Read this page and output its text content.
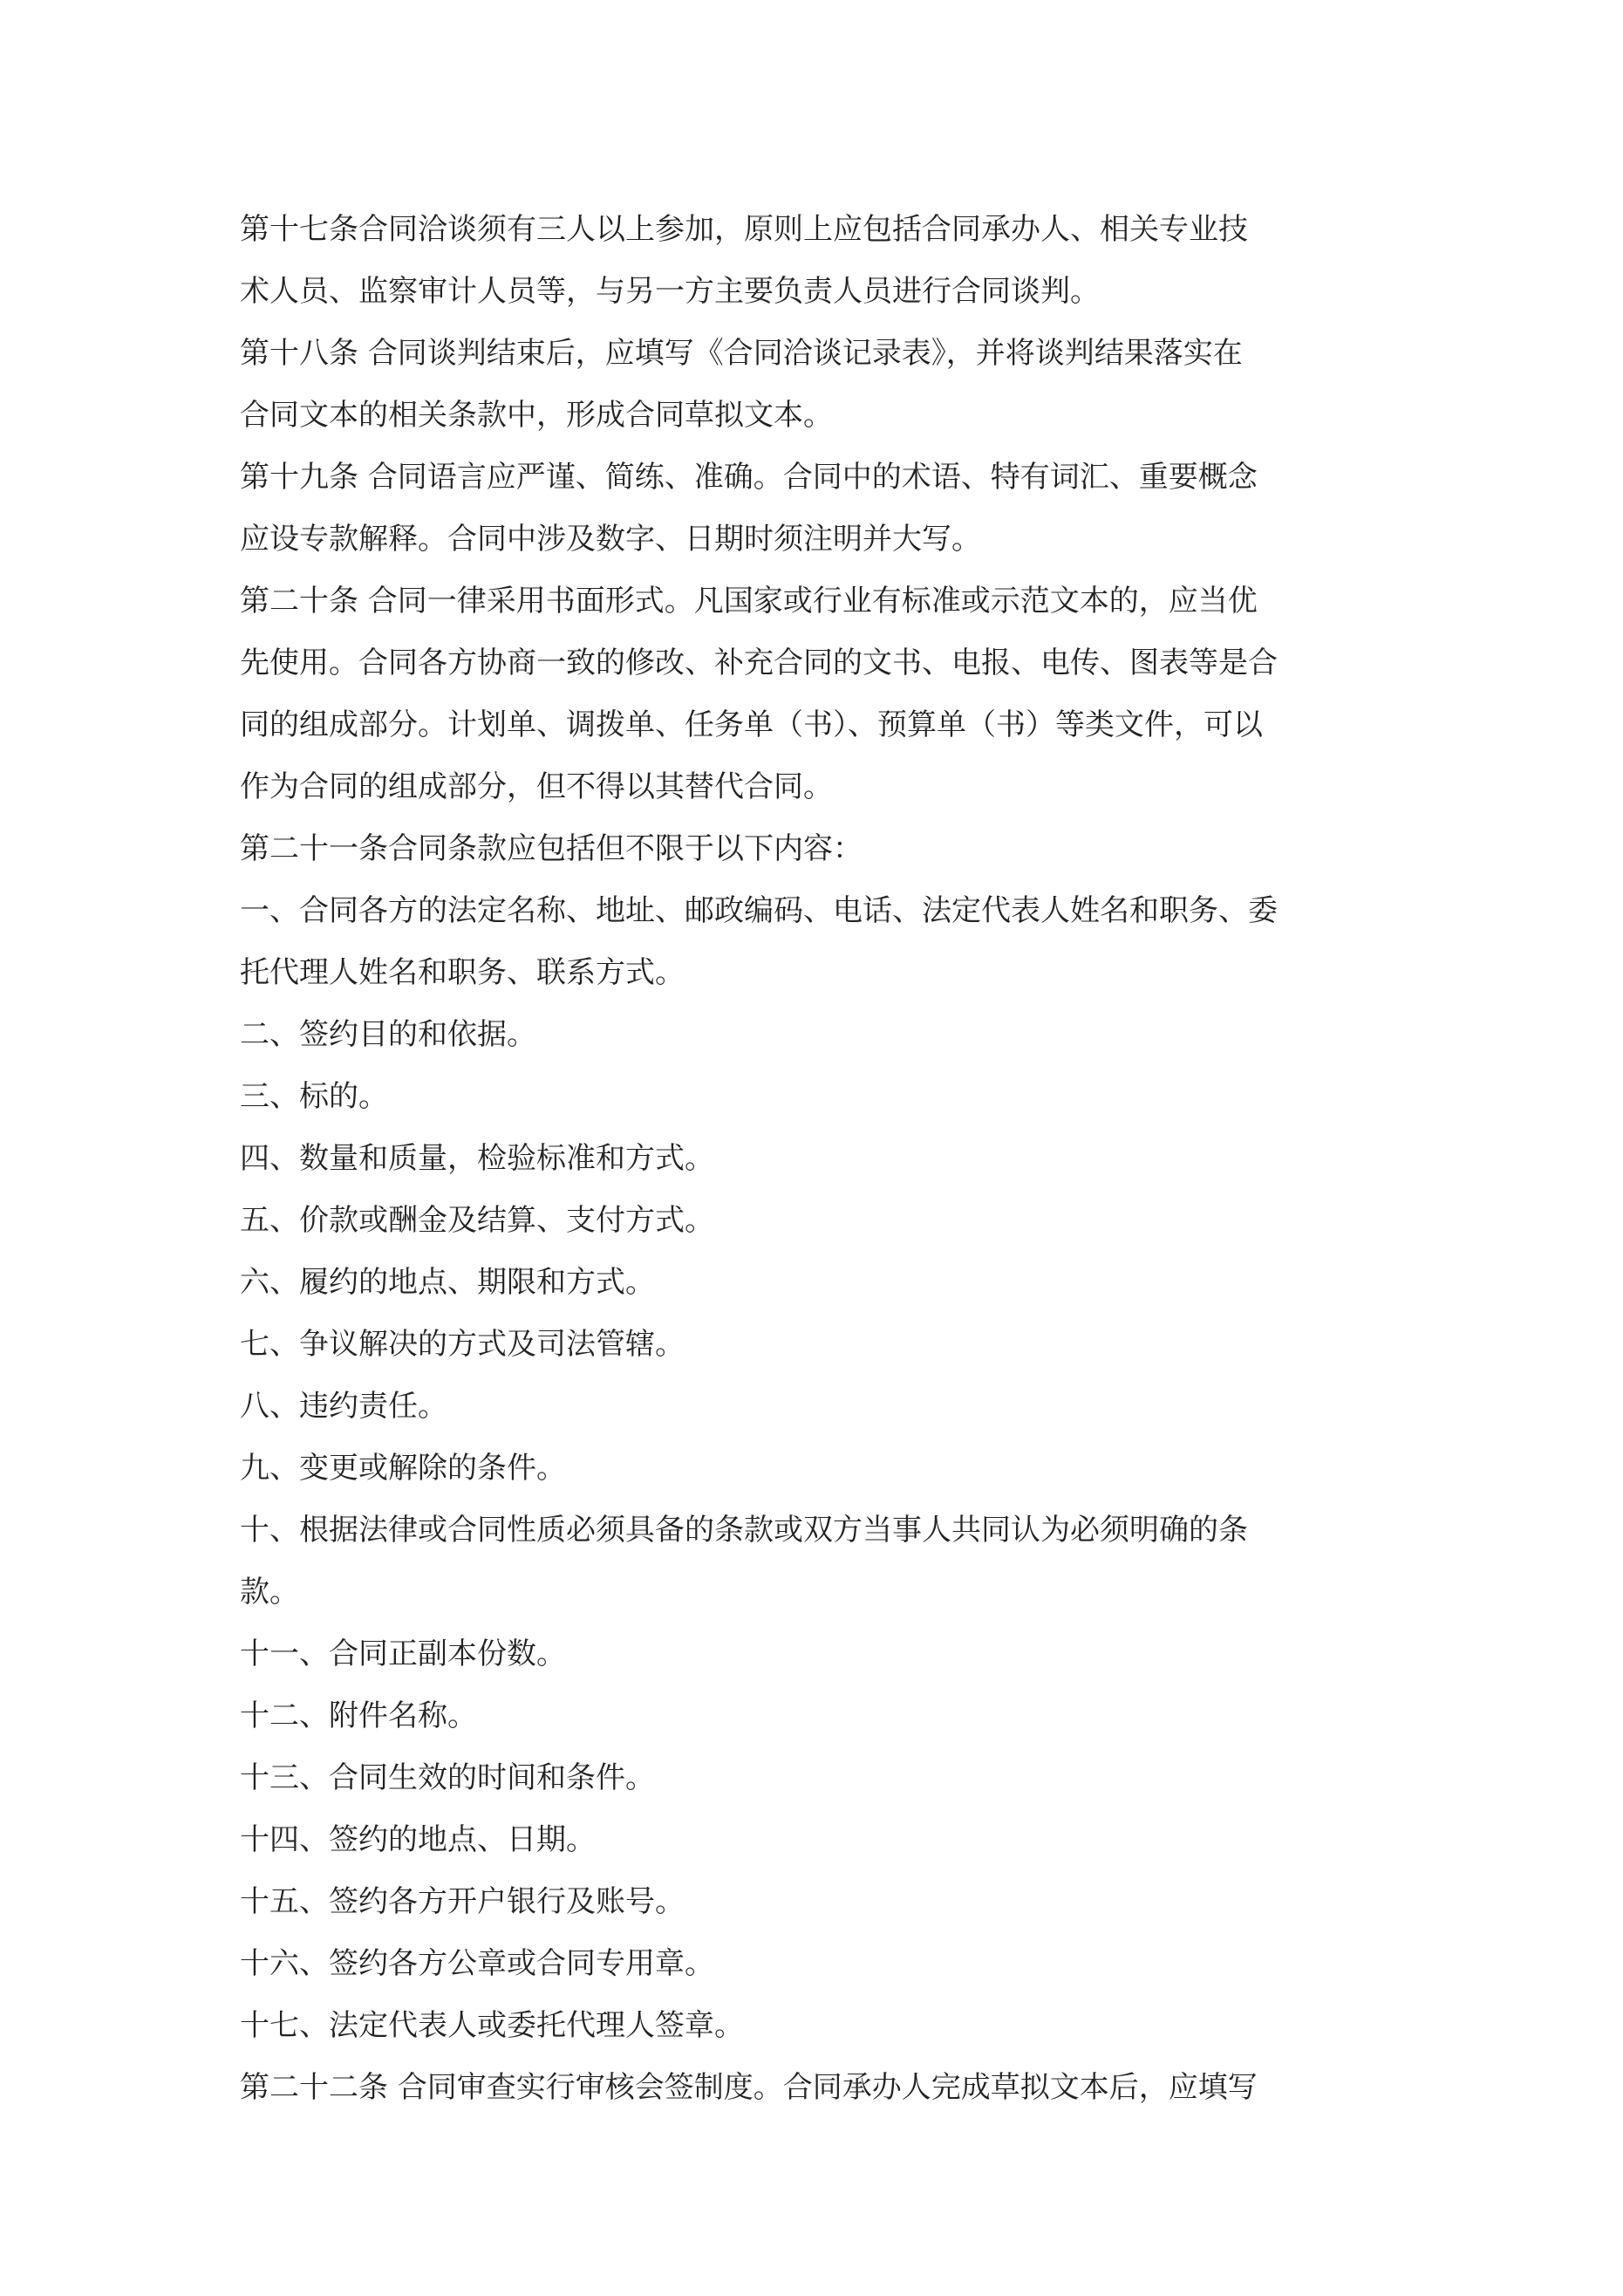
第十七条合同洽谈须有三人以上参加，原则上应包括合同承办人、相关专业技
术人员、监察审计人员等，与另一方主要负责人员进行合同谈判。
第十八条 合同谈判结束后，应填写《合同洽谈记录表》，并将谈判结果落实在
合同文本的相关条款中，形成合同草拟文本。
第十九条 合同语言应严谨、简练、准确。合同中的术语、特有词汇、重要概念
应设专款解释。合同中涉及数字、日期时须注明并大写。
第二十条 合同一律采用书面形式。凡国家或行业有标准或示范文本的，应当优
先使用。合同各方协商一致的修改、补充合同的文书、电报、电传、图表等是合
同的组成部分。计划单、调拨单、任务单（书）、预算单（书）等类文件，可以
作为合同的组成部分，但不得以其替代合同。
第二十一条合同条款应包括但不限于以下内容：
一、合同各方的法定名称、地址、邮政编码、电话、法定代表人姓名和职务、委
托代理人姓名和职务、联系方式。
二、签约目的和依据。
三、标的。
四、数量和质量，检验标准和方式。
五、价款或酬金及结算、支付方式。
六、履约的地点、期限和方式。
七、争议解决的方式及司法管辖。
八、违约责任。
九、变更或解除的条件。
十、根据法律或合同性质必须具备的条款或双方当事人共同认为必须明确的条
款。
十一、合同正副本份数。
十二、附件名称。
十三、合同生效的时间和条件。
十四、签约的地点、日期。
十五、签约各方开户银行及账号。
十六、签约各方公章或合同专用章。
十七、法定代表人或委托代理人签章。
第二十二条 合同审查实行审核会签制度。合同承办人完成草拟文本后，应填写
